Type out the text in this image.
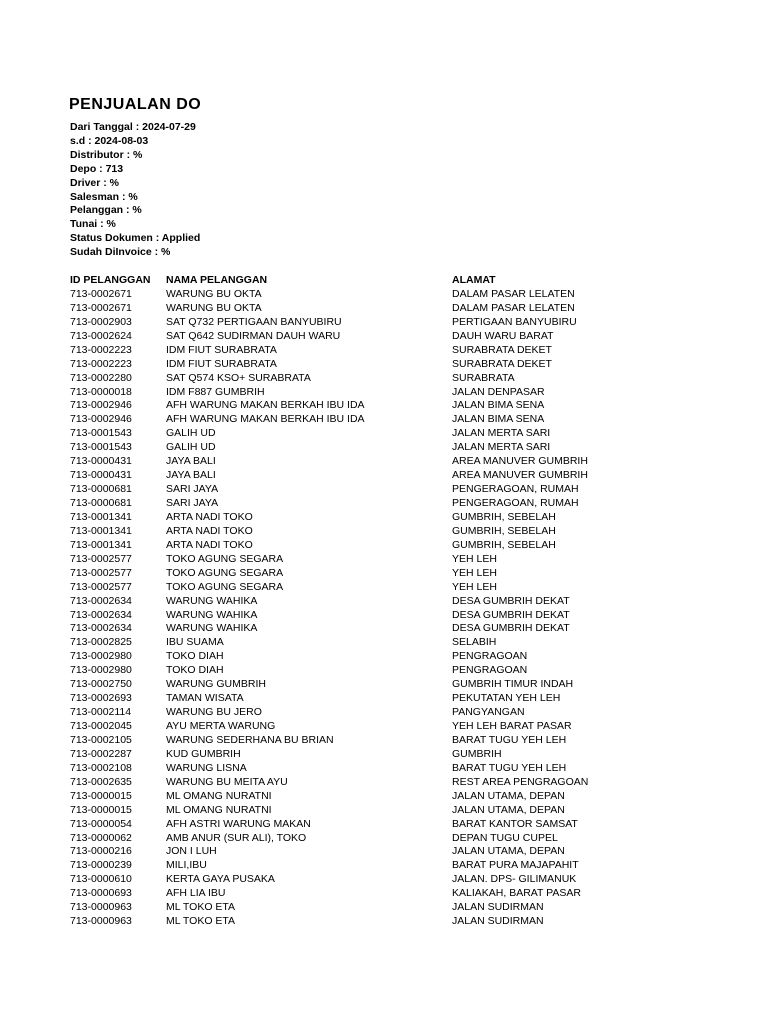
PENJUALAN DO
Dari Tanggal : 2024-07-29
s.d : 2024-08-03
Distributor : %
Depo : 713
Driver : %
Salesman : %
Pelanggan : %
Tunai : %
Status Dokumen : Applied
Sudah DiInvoice : %
ID PELANGGAN	NAMA PELANGGAN	ALAMAT
713-0002671	WARUNG BU OKTA	DALAM PASAR LELATEN
713-0002671	WARUNG BU OKTA	DALAM PASAR LELATEN
713-0002903	SAT Q732 PERTIGAAN BANYUBIRU	PERTIGAAN BANYUBIRU
713-0002624	SAT Q642 SUDIRMAN DAUH WARU	DAUH WARU BARAT
713-0002223	IDM FIUT SURABRATA	SURABRATA DEKET
713-0002223	IDM FIUT SURABRATA	SURABRATA DEKET
713-0002280	SAT Q574 KSO+ SURABRATA	SURABRATA
713-0000018	IDM F887 GUMBRIH	JALAN DENPASAR
713-0002946	AFH WARUNG MAKAN BERKAH IBU IDA	JALAN BIMA SENA
713-0002946	AFH WARUNG MAKAN BERKAH IBU IDA	JALAN BIMA SENA
713-0001543	GALIH UD	JALAN MERTA SARI
713-0001543	GALIH UD	JALAN MERTA SARI
713-0000431	JAYA BALI	AREA MANUVER GUMBRIH
713-0000431	JAYA BALI	AREA MANUVER GUMBRIH
713-0000681	SARI JAYA	PENGERAGOAN, RUMAH
713-0000681	SARI JAYA	PENGERAGOAN, RUMAH
713-0001341	ARTA NADI TOKO	GUMBRIH, SEBELAH
713-0001341	ARTA NADI TOKO	GUMBRIH, SEBELAH
713-0001341	ARTA NADI TOKO	GUMBRIH, SEBELAH
713-0002577	TOKO AGUNG SEGARA	YEH LEH
713-0002577	TOKO AGUNG SEGARA	YEH LEH
713-0002577	TOKO AGUNG SEGARA	YEH LEH
713-0002634	WARUNG WAHIKA	DESA GUMBRIH DEKAT
713-0002634	WARUNG WAHIKA	DESA GUMBRIH DEKAT
713-0002634	WARUNG WAHIKA	DESA GUMBRIH DEKAT
713-0002825	IBU SUAMA	SELABIH
713-0002980	TOKO DIAH	PENGRAGOAN
713-0002980	TOKO DIAH	PENGRAGOAN
713-0002750	WARUNG GUMBRIH	GUMBRIH TIMUR INDAH
713-0002693	TAMAN WISATA	PEKUTATAN YEH LEH
713-0002114	WARUNG BU JERO	PANGYANGAN
713-0002045	AYU MERTA WARUNG	YEH LEH BARAT PASAR
713-0002105	WARUNG SEDERHANA BU BRIAN	BARAT TUGU YEH LEH
713-0002287	KUD GUMBRIH	GUMBRIH
713-0002108	WARUNG LISNA	BARAT TUGU YEH LEH
713-0002635	WARUNG BU MEITA AYU	REST AREA PENGRAGOAN
713-0000015	ML OMANG NURATNI	JALAN UTAMA, DEPAN
713-0000015	ML OMANG NURATNI	JALAN UTAMA, DEPAN
713-0000054	AFH ASTRI WARUNG MAKAN	BARAT KANTOR SAMSAT
713-0000062	AMB ANUR (SUR ALI), TOKO	DEPAN TUGU CUPEL
713-0000216	JON I LUH	JALAN UTAMA, DEPAN
713-0000239	MILI,IBU	BARAT PURA MAJAPAHIT
713-0000610	KERTA GAYA PUSAKA	JALAN. DPS- GILIMANUK
713-0000693	AFH LIA IBU	KALIAKAH, BARAT PASAR
713-0000963	ML TOKO ETA	JALAN SUDIRMAN
713-0000963	ML TOKO ETA	JALAN SUDIRMAN
